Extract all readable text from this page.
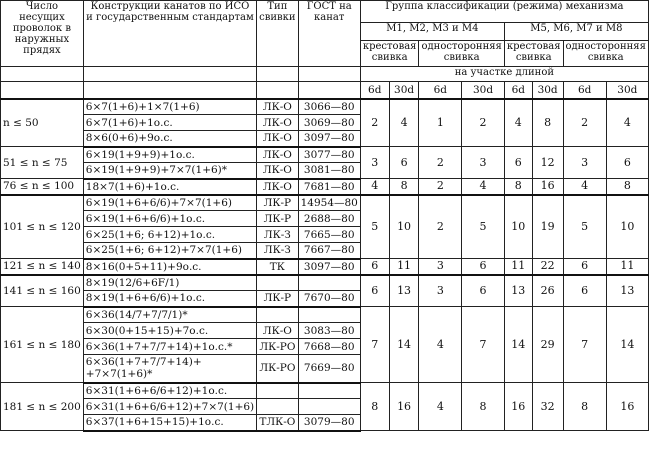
Число несущих проволок в наружных прядях	Конструкции канатов по ИСО и государственным стандартам	Тип свивки	ГОСТ на канат	Группа классификации (режима) механизма							
				М1, М2, М3 и М4				М5, М6, М7 и М8			
				крестовая свивка		односторонняя свивка		крестовая свивка		односторонняя свивка	
				на участке длиной							
				6d	30d	6d	30d	6d	30d	6d	30d
n ≤ 50	6×7(1+6)+1×7(1+6)	ЛК-О	3066—80	2	4	1	2	4	8	2	4
	6×7(1+6)+1о.с.	ЛК-О	3069—80								
	8×6(0+6)+9о.с.	ЛК-О	3097—80								
51 ≤ n ≤ 75	6×19(1+9+9)+1о.с.	ЛК-О	3077—80	3	6	2	3	6	12	3	6
	6×19(1+9+9)+7×7(1+6)*	ЛК-О	3081—80								
76 ≤ n ≤ 100	18×7(1+6)+1о.с.	ЛК-О	7681—80	4	8	2	4	8	16	4	8
101 ≤ n ≤ 120	6×19(1+6+6/6)+7×7(1+6)	ЛК-Р	14954—80	5	10	2	5	10	19	5	10
	6×19(1+6+6/6)+1о.с.	ЛК-Р	2688—80								
	6×25(1+6; 6+12)+1о.с.	ЛК-З	7665—80								
	6×25(1+6; 6+12)+7×7(1+6)	ЛК-З	7667—80								
121 ≤ n ≤ 140	8×16(0+5+11)+9о.с.	ТК	3097—80	6	11	3	6	11	22	6	11
141 ≤ n ≤ 160	8×19(12/6+6F/1)			6	13	3	6	13	26	6	13
	8×19(1+6+6/6)+1о.с.	ЛК-Р	7670—80								
161 ≤ n ≤ 180	6×36(14/7+7/7/1)*			7	14	4	7	14	29	7	14
	6×30(0+15+15)+7о.с.	ЛК-О	3083—80								
	6×36(1+7+7/7+14)+1о.с.*	ЛК-РО	7668—80								

	6×36(1+7+7/7+14)+
+7×7(1+6)*	ЛК-РО	7669—80								
181 ≤ n ≤ 200	6×31(1+6+6/6+12)+1о.с.			8	16	4	8	16	32	8	16
	6×31(1+6+6/6+12)+7×7(1+6)										
	6×37(1+6+15+15)+1о.с.	ТЛК-О	3079—80								
